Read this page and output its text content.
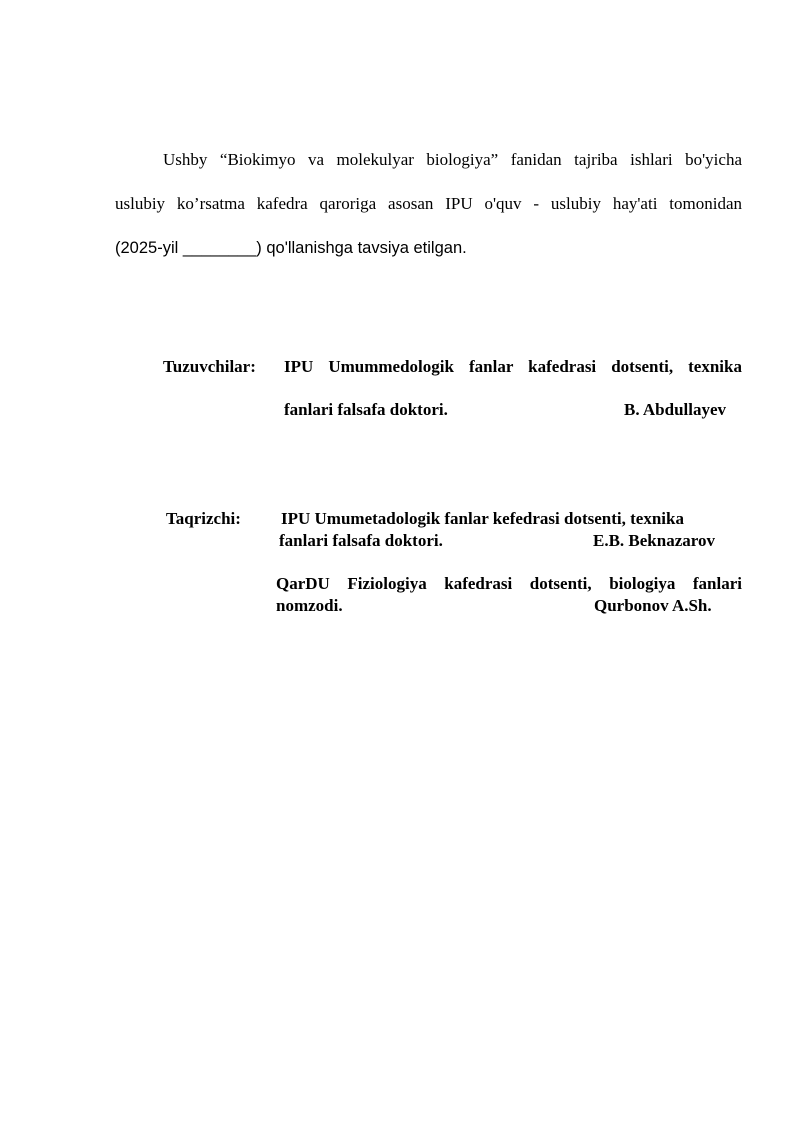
Ushby “Biokimyo va molekulyar biologiya” fanidan tajriba ishlari bo'yicha
uslubiy ko’rsatma kafedra qaroriga asosan IPU o'quv - uslubiy hay'ati tomonidan
(2025-yil ________) qo'llanishga tavsiya etilgan.
Tuzuvchilar: IPU Umummedologik fanlar kafedrasi dotsenti, texnika
fanlari falsafa doktori.	B. Abdullayev
Taqrizchi: IPU Umumetadologik fanlar kefedrasi dotsenti, texnika
fanlari falsafa doktori.	E.B. Beknazarov
QarDU Fiziologiya kafedrasi dotsenti, biologiya fanlari
nomzodi.	Qurbonov A.Sh.
